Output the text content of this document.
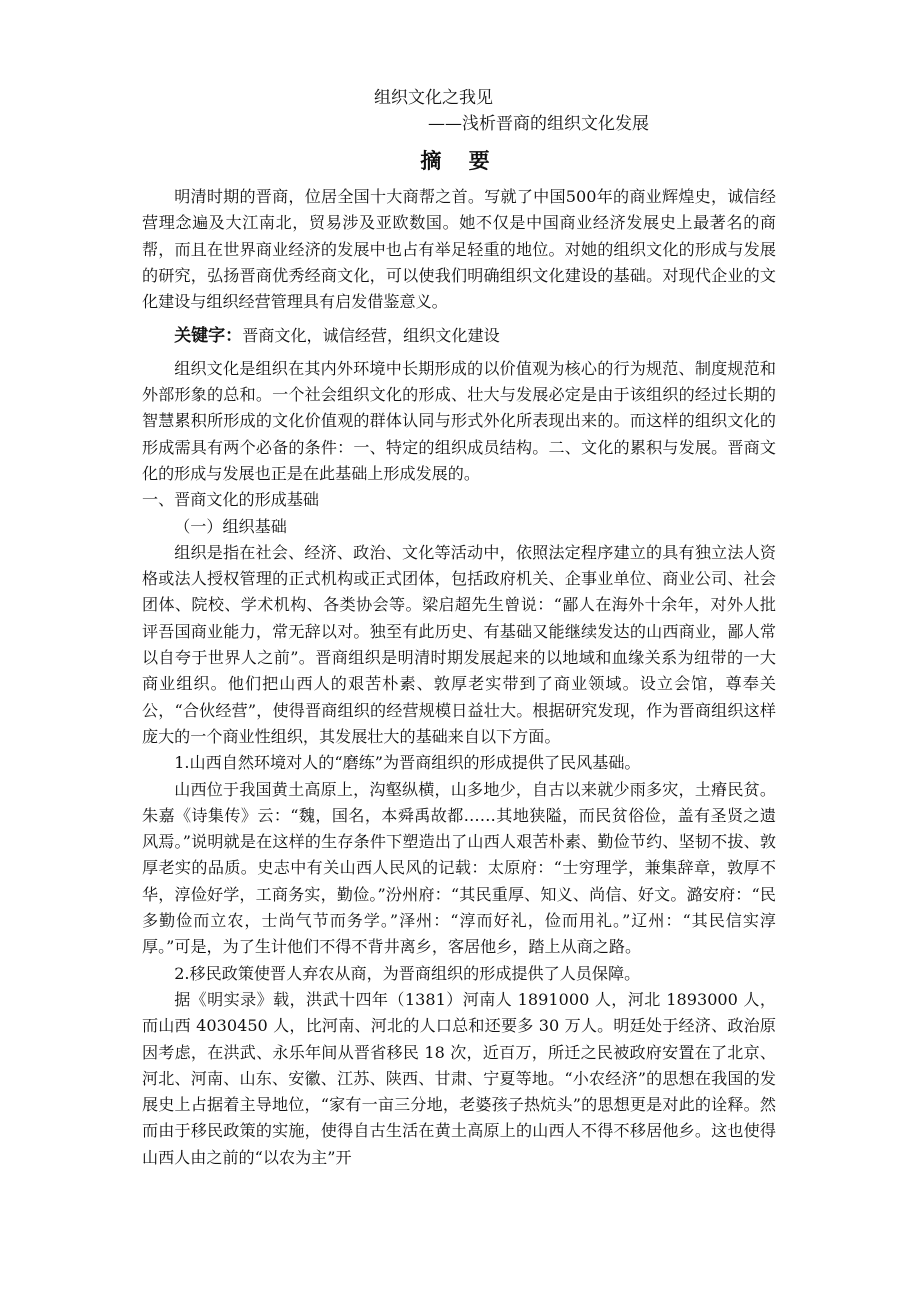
组织文化之我见
——浅析晋商的组织文化发展
摘 要

明清时期的晋商，位居全国十大商帮之首。写就了中国500年的商业辉煌史，诚信经营理念遍及大江南北，贸易涉及亚欧数国。她不仅是中国商业经济发展史上最著名的商帮，而且在世界商业经济的发展中也占有举足轻重的地位。对她的组织文化的形成与发展的研究，弘扬晋商优秀经商文化，可以使我们明确组织文化建设的基础。对现代企业的文化建设与组织经营管理具有启发借鉴意义。

关键字：晋商文化，诚信经营，组织文化建设

组织文化是组织在其内外环境中长期形成的以价值观为核心的行为规范、制度规范和外部形象的总和。一个社会组织文化的形成、壮大与发展必定是由于该组织的经过长期的智慧累积所形成的文化价值观的群体认同与形式外化所表现出来的。而这样的组织文化的形成需具有两个必备的条件：一、特定的组织成员结构。二、文化的累积与发展。晋商文化的形成与发展也正是在此基础上形成发展的。

一、晋商文化的形成基础

（一）组织基础

组织是指在社会、经济、政治、文化等活动中，依照法定程序建立的具有独立法人资格或法人授权管理的正式机构或正式团体，包括政府机关、企事业单位、商业公司、社会团体、院校、学术机构、各类协会等。梁启超先生曾说：“鄙人在海外十余年，对外人批评吾国商业能力，常无辞以对。独至有此历史、有基础又能继续发达的山西商业，鄙人常以自夸于世界人之前”。晋商组织是明清时期发展起来的以地域和血缘关系为纽带的一大商业组织。他们把山西人的艰苦朴素、敦厚老实带到了商业领域。设立会馆，尊奉关公，“合伙经营”，使得晋商组织的经营规模日益壮大。根据研究发现，作为晋商组织这样庞大的一个商业性组织，其发展壮大的基础来自以下方面。

1.山西自然环境对人的“磨练”为晋商组织的形成提供了民风基础。

山西位于我国黄土高原上，沟壑纵横，山多地少，自古以来就少雨多灾，土瘠民贫。朱嘉《诗集传》云：“魏，国名，本舜禹故都……其地狭隘，而民贫俗俭，盖有圣贤之遗风焉。”说明就是在这样的生存条件下塑造出了山西人艰苦朴素、勤俭节约、坚韧不拔、敦厚老实的品质。史志中有关山西人民风的记载：太原府：“士穷理学，兼集辞章，敦厚不华，淳俭好学，工商务实，勤俭。”汾州府：“其民重厚、知义、尚信、好文。潞安府：“民多勤俭而立农，士尚气节而务学。”泽州：“淳而好礼，俭而用礼。”辽州：“其民信实淳厚。”可是，为了生计他们不得不背井离乡，客居他乡，踏上从商之路。

2.移民政策使晋人弃农从商，为晋商组织的形成提供了人员保障。

据《明实录》载，洪武十四年（1381）河南人 1891000 人，河北 1893000 人，而山西 4030450 人，比河南、河北的人口总和还要多 30 万人。明廷处于经济、政治原因考虑，在洪武、永乐年间从晋省移民 18 次，近百万，所迁之民被政府安置在了北京、河北、河南、山东、安徽、江苏、陕西、甘肃、宁夏等地。“小农经济”的思想在我国的发展史上占据着主导地位，“家有一亩三分地，老婆孩子热炕头”的思想更是对此的诠释。然而由于移民政策的实施，使得自古生活在黄土高原上的山西人不得不移居他乡。这也使得山西人由之前的“以农为主”开
